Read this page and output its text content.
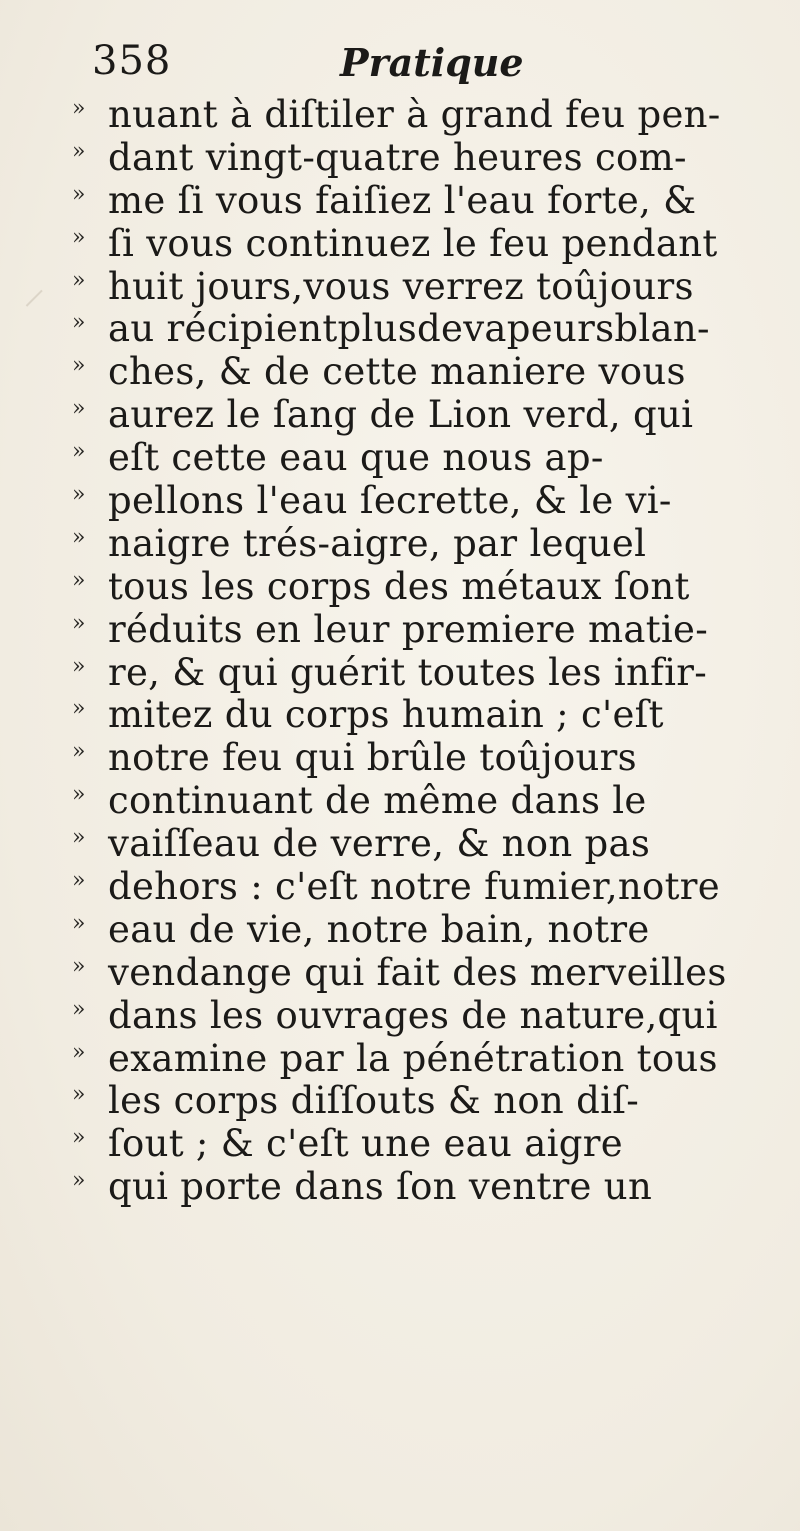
358	Pratique
» nuant à diſtiler à grand feu pen-
» dant vingt-quatre heures com-
» me ſi vous faiſiez l'eau forte, &
» ſi vous continuez le feu pendant
» huit jours,vous verrez toûjours
» au récipientplusdevapeursblan-
» ches, & de cette maniere vous
» aurez le ſang de Lion verd, qui
» eſt cette eau que nous ap-
» pellons l'eau ſecrette, & le vi-
» naigre trés-aigre, par lequel
» tous les corps des métaux ſont
» réduits en leur premiere matie-
» re, & qui guérit toutes les infir-
» mitez du corps humain ; c'eſt
» notre feu qui brûle toûjours
» continuant de même dans le
» vaiſſeau de verre, & non pas
» dehors : c'eſt notre fumier,notre
» eau de vie, notre bain, notre
» vendange qui fait des merveilles
» dans les ouvrages de nature,qui
» examine par la pénétration tous
» les corps diſſouts & non diſ-
» ſout ; & c'eſt une eau aigre
» qui porte dans ſon ventre un
